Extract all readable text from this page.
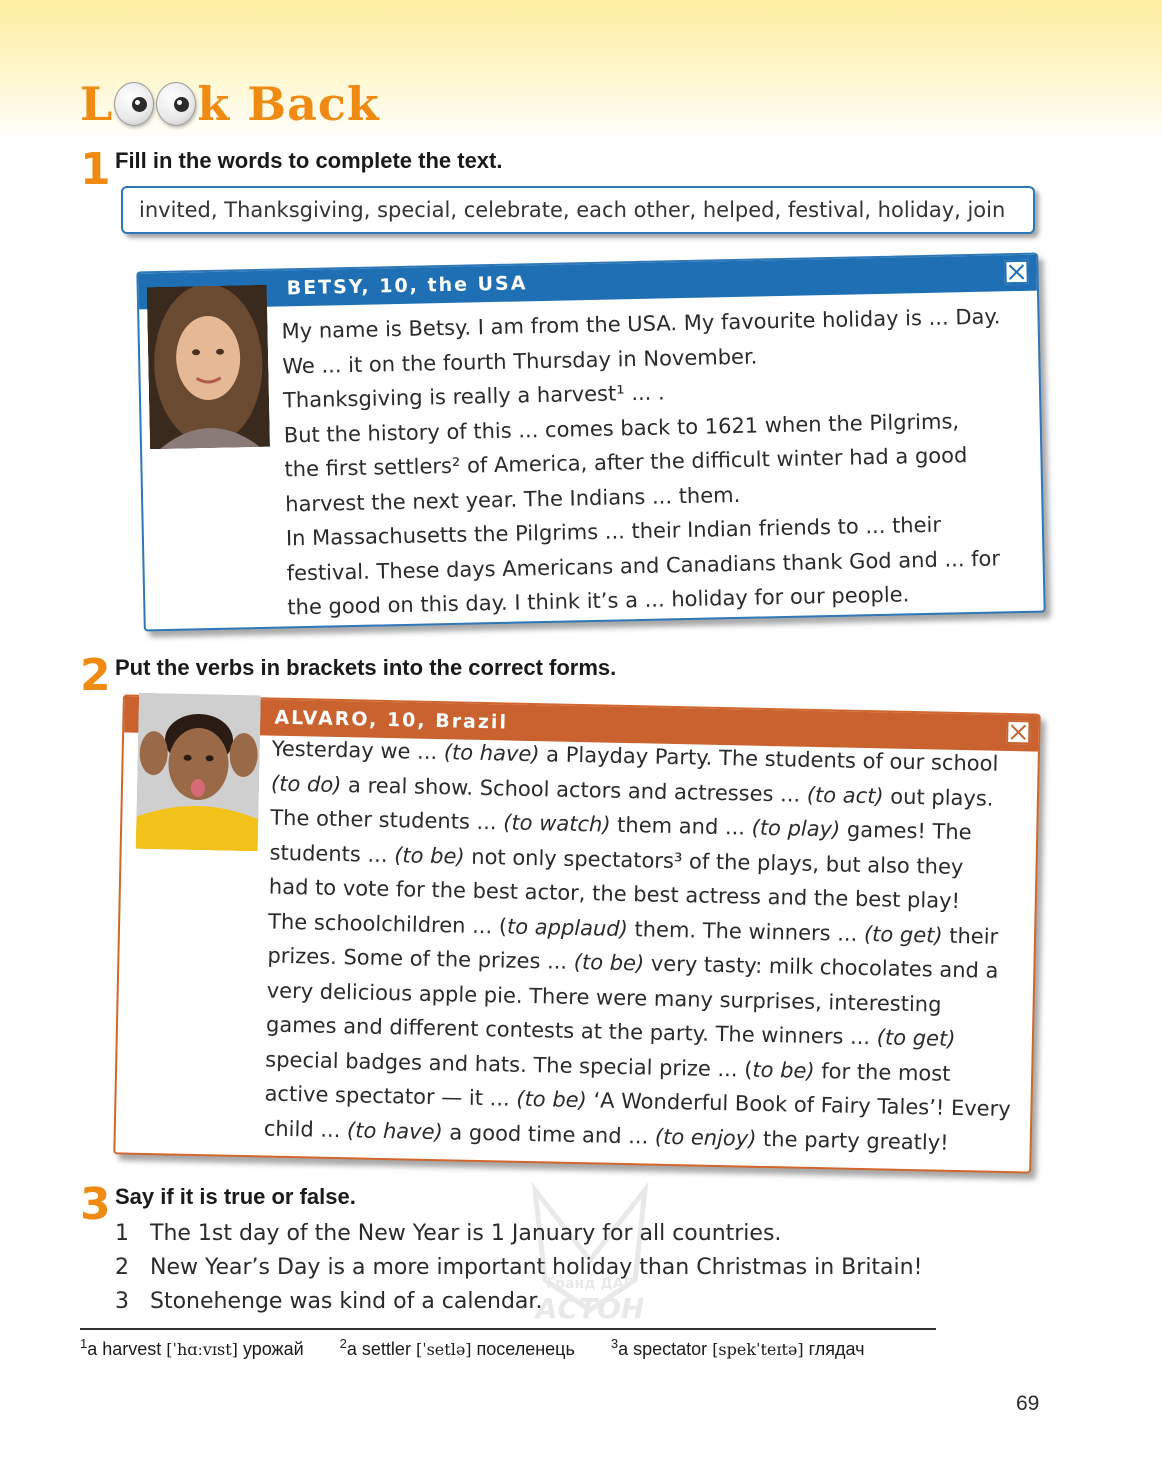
L k Back
1 Fill in the words to complete the text.
invited, Thanksgiving, special, celebrate, each other, helped, festival, holiday, join
BETSY, 10, the USA

My name is Betsy. I am from the USA. My favourite holiday is ... Day.

We ... it on the fourth Thursday in November.

Thanksgiving is really a harvest¹ ... .

But the history of this ... comes back to 1621 when the Pilgrims,

the first settlers² of America, after the difficult winter had a good

harvest the next year. The Indians ... them.

In Massachusetts the Pilgrims ... their Indian friends to ... their

festival. These days Americans and Canadians thank God and ... for

the good on this day. I think it’s a ... holiday for our people.

2 Put the verbs in brackets into the correct forms.
ALVARO, 10, Brazil

Yesterday we ... (to have) a Playday Party. The students of our school

(to do) a real show. School actors and actresses ... (to act) out plays.

The other students ... (to watch) them and ... (to play) games! The

students ... (to be) not only spectators³ of the plays, but also they

had to vote for the best actor, the best actress and the best play!

The schoolchildren ... (to applaud) them. The winners ... (to get) their

prizes. Some of the prizes ... (to be) very tasty: milk chocolates and a

very delicious apple pie. There were many surprises, interesting

games and different contests at the party. The winners ... (to get)

special badges and hats. The special prize ... (to be) for the most

active spectator — it ... (to be) ‘A Wonderful Book of Fairy Tales’! Every

child ... (to have) a good time and ... (to enjoy) the party greatly!

3 Say if it is true or false.
Гранд ДАР
АСТОН
1 The 1st day of the New Year is 1 January for all countries.
2 New Year’s Day is a more important holiday than Christmas in Britain!
3 Stonehenge was kind of a calendar.
$^1$a harvest [ˈhɑːvɪst] урожай	$^2$a settler [ˈsetlə] поселенець	$^3$a spectator [spekˈteɪtə] глядач
69
